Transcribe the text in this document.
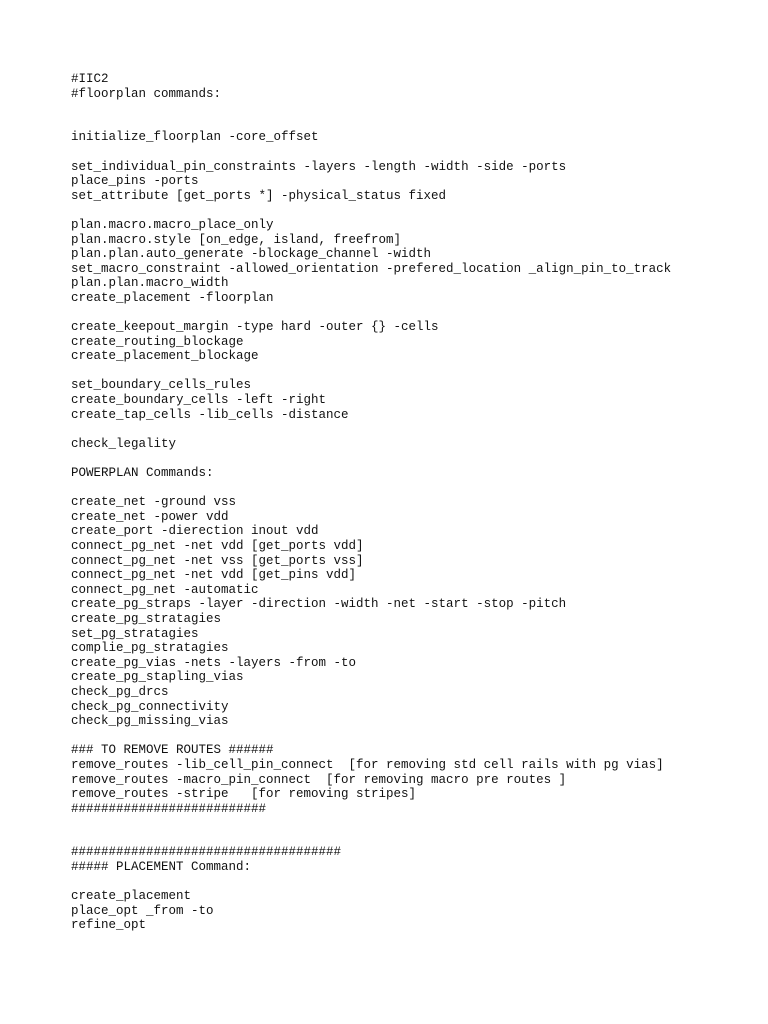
#IIC2
#floorplan commands:
initialize_floorplan -core_offset
set_individual_pin_constraints -layers -length -width -side -ports
place_pins -ports
set_attribute [get_ports *] -physical_status fixed
plan.macro.macro_place_only
plan.macro.style [on_edge, island, freefrom]
plan.plan.auto_generate -blockage_channel -width
set_macro_constraint -allowed_orientation -prefered_location _align_pin_to_track
plan.plan.macro_width
create_placement -floorplan
create_keepout_margin -type hard -outer {} -cells
create_routing_blockage
create_placement_blockage
set_boundary_cells_rules
create_boundary_cells -left -right
create_tap_cells -lib_cells -distance
check_legality
POWERPLAN Commands:
create_net -ground vss
create_net -power vdd
create_port -dierection inout vdd
connect_pg_net -net vdd [get_ports vdd]
connect_pg_net -net vss [get_ports vss]
connect_pg_net -net vdd [get_pins vdd]
connect_pg_net -automatic
create_pg_straps -layer -direction -width -net -start -stop -pitch
create_pg_stratagies
set_pg_stratagies
complie_pg_stratagies
create_pg_vias -nets -layers -from -to
create_pg_stapling_vias
check_pg_drcs
check_pg_connectivity
check_pg_missing_vias
### TO REMOVE ROUTES ######
remove_routes -lib_cell_pin_connect  [for removing std cell rails with pg vias]
remove_routes -macro_pin_connect  [for removing macro pre routes ]
remove_routes -stripe   [for removing stripes]
##########################
####################################
##### PLACEMENT Command:
create_placement
place_opt _from -to
refine_opt
